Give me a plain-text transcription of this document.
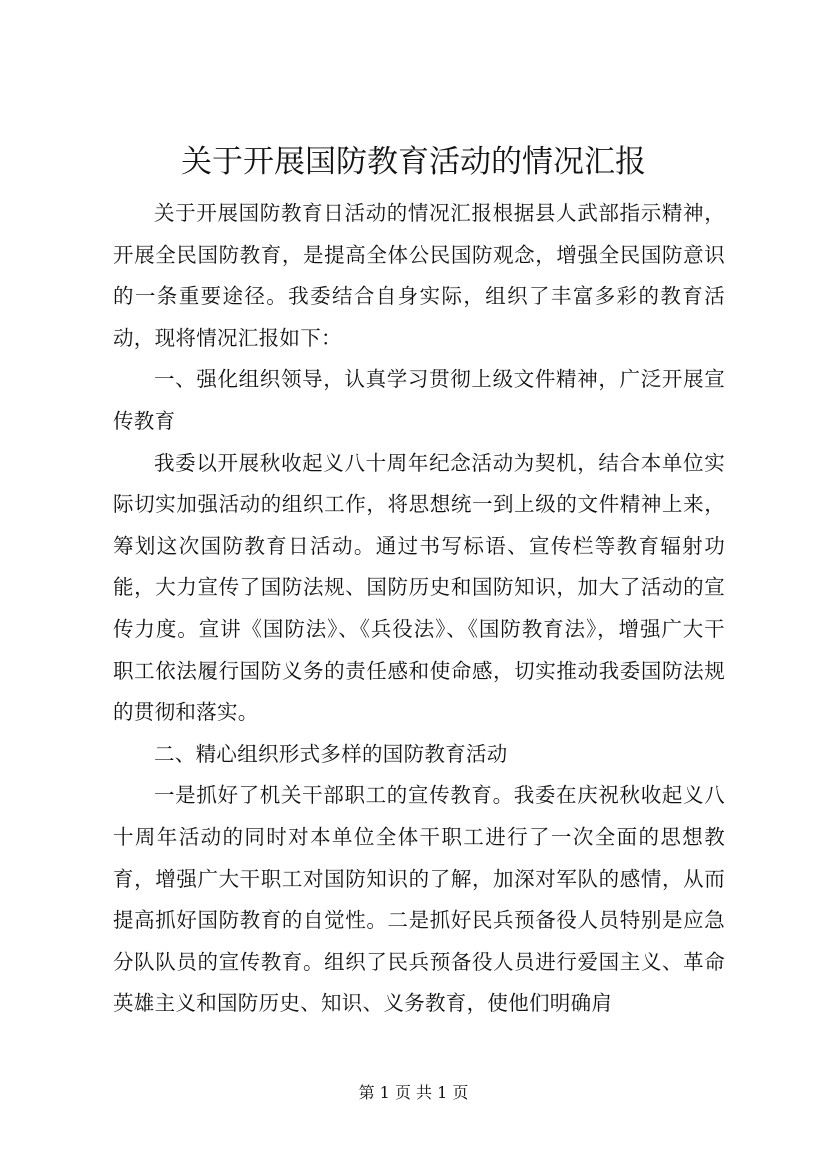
关于开展国防教育活动的情况汇报

关于开展国防教育日活动的情况汇报根据县人武部指示精神，开展全民国防教育，是提高全体公民国防观念，增强全民国防意识的一条重要途径。我委结合自身实际，组织了丰富多彩的教育活动，现将情况汇报如下：

一、强化组织领导，认真学习贯彻上级文件精神，广泛开展宣传教育

我委以开展秋收起义八十周年纪念活动为契机，结合本单位实际切实加强活动的组织工作，将思想统一到上级的文件精神上来，筹划这次国防教育日活动。通过书写标语、宣传栏等教育辐射功能，大力宣传了国防法规、国防历史和国防知识，加大了活动的宣传力度。宣讲《国防法》、《兵役法》、《国防教育法》，增强广大干职工依法履行国防义务的责任感和使命感，切实推动我委国防法规的贯彻和落实。

二、精心组织形式多样的国防教育活动

一是抓好了机关干部职工的宣传教育。我委在庆祝秋收起义八十周年活动的同时对本单位全体干职工进行了一次全面的思想教育，增强广大干职工对国防知识的了解，加深对军队的感情，从而提高抓好国防教育的自觉性。二是抓好民兵预备役人员特别是应急分队队员的宣传教育。组织了民兵预备役人员进行爱国主义、革命英雄主义和国防历史、知识、义务教育，使他们明确肩

第 1 页 共 1 页
